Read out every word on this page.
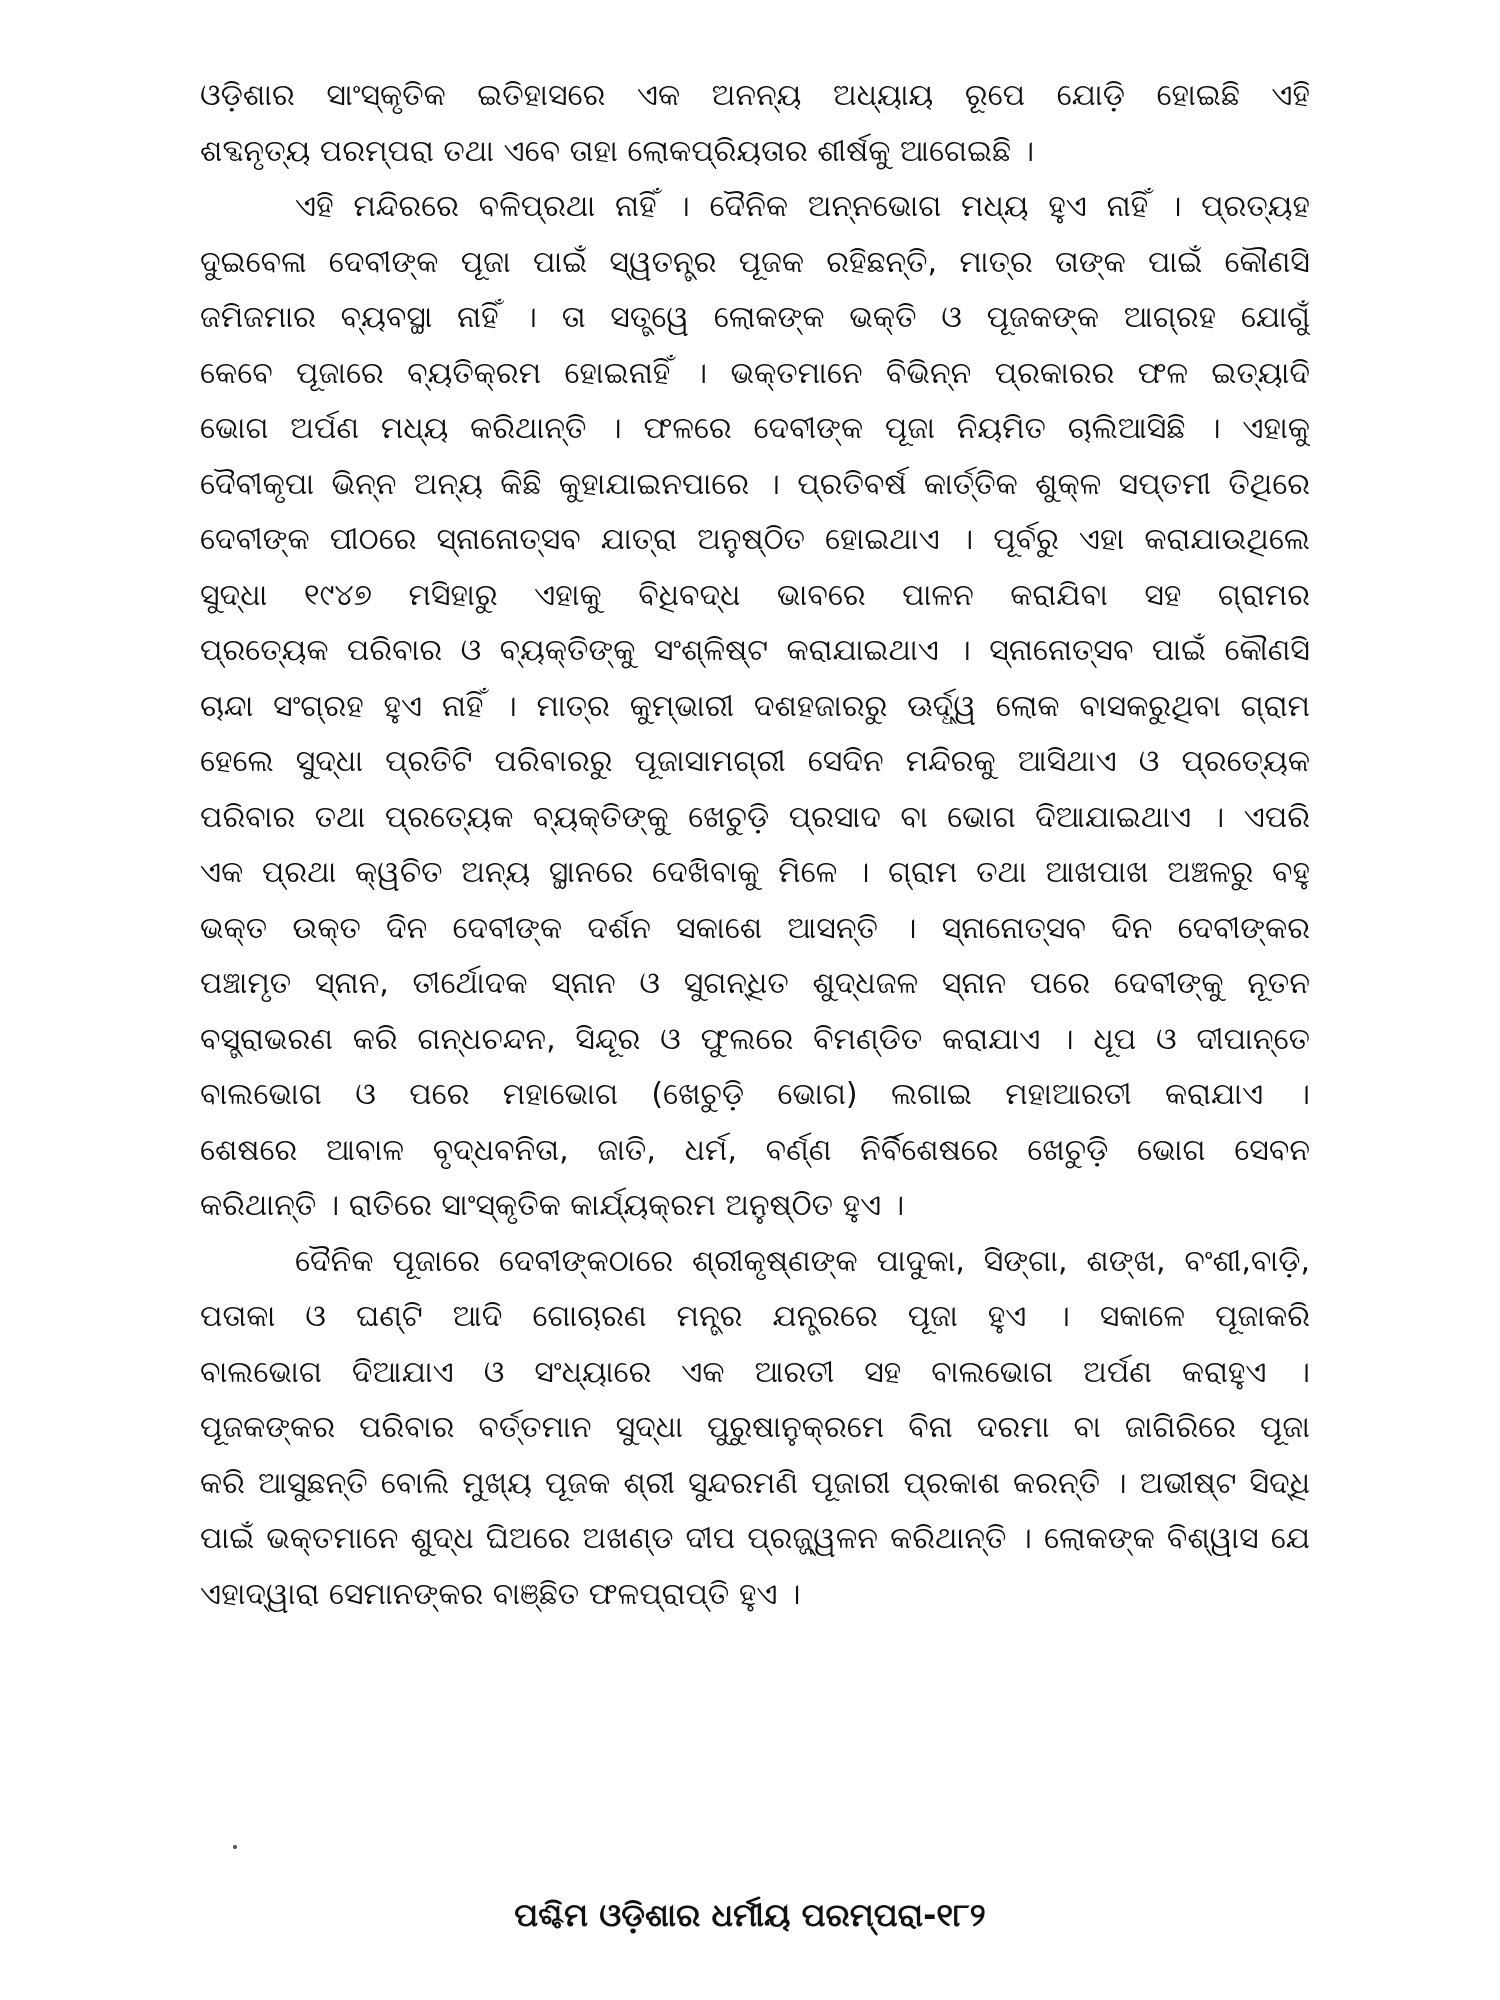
ଓଡ଼ିଶାର ସାଂସ୍କୃତିକ ଇତିହାସରେ ଏକ ଅନନ୍ୟ ଅଧ୍ୟାୟ ରୂପେ ଯୋଡ଼ି ହୋଇଛି ଏହି
ଶବ୍ଦନୃତ୍ୟ ପରମ୍ପରା ତଥା ଏବେ ତାହା ଲୋକପ୍ରିୟତାର ଶୀର୍ଷକୁ ଆଗେଇଛି ।
ଏହି ମନ୍ଦିରରେ ବଳିପ୍ରଥା ନାହିଁ । ଦୈନିକ ଅନ୍ନଭୋଗ ମଧ୍ୟ ହୁଏ ନାହିଁ । ପ୍ରତ୍ୟହ
ଦୁଇବେଳା ଦେବୀଙ୍କ ପୂଜା ପାଇଁ ସ୍ୱତନ୍ତ୍ର ପୂଜକ ରହିଛନ୍ତି, ମାତ୍ର ତାଙ୍କ ପାଇଁ କୌଣସି
ଜମିଜମାର ବ୍ୟବସ୍ଥା ନାହିଁ । ତା ସତ୍ତ୍ୱେ ଲୋକଙ୍କ ଭକ୍ତି ଓ ପୂଜକଙ୍କ ଆଗ୍ରହ ଯୋଗୁଁ
କେବେ ପୂଜାରେ ବ୍ୟତିକ୍ରମ ହୋଇନାହିଁ । ଭକ୍ତମାନେ ବିଭିନ୍ନ ପ୍ରକାରର ଫଳ ଇତ୍ୟାଦି
ଭୋଗ ଅର୍ପଣ ମଧ୍ୟ କରିଥାନ୍ତି । ଫଳରେ ଦେବୀଙ୍କ ପୂଜା ନିୟମିତ ଚାଲିଆସିଛି । ଏହାକୁ
ଦୈବୀକୃପା ଭିନ୍ନ ଅନ୍ୟ କିଛି କୁହାଯାଇନପାରେ । ପ୍ରତିବର୍ଷ କାର୍ତ୍ତିକ ଶୁକ୍ଳ ସପ୍ତମୀ ତିଥିରେ
ଦେବୀଙ୍କ ପୀଠରେ ସ୍ନାନୋତ୍ସବ ଯାତ୍ରା ଅନୁଷ୍ଠିତ ହୋଇଥାଏ । ପୂର୍ବରୁ ଏହା କରାଯାଉଥିଲେ
ସୁଦ୍ଧା ୧୯୪୭ ମସିହାରୁ ଏହାକୁ ବିଧିବଦ୍ଧ ଭାବରେ ପାଳନ କରାଯିବା ସହ ଗ୍ରାମର
ପ୍ରତ୍ୟେକ ପରିବାର ଓ ବ୍ୟକ୍ତିଙ୍କୁ ସଂଶ୍ଳିଷ୍ଟ କରାଯାଇଥାଏ । ସ୍ନାନୋତ୍ସବ ପାଇଁ କୌଣସି
ଚାନ୍ଦା ସଂଗ୍ରହ ହୁଏ ନାହିଁ । ମାତ୍ର କୁମ୍ଭାରୀ ଦଶହଜାରରୁ ଊର୍ଦ୍ଧ୍ୱ ଲୋକ ବାସକରୁଥିବା ଗ୍ରାମ
ହେଲେ ସୁଦ୍ଧା ପ୍ରତିଟି ପରିବାରରୁ ପୂଜାସାମଗ୍ରୀ ସେଦିନ ମନ୍ଦିରକୁ ଆସିଥାଏ ଓ ପ୍ରତ୍ୟେକ
ପରିବାର ତଥା ପ୍ରତ୍ୟେକ ବ୍ୟକ୍ତିଙ୍କୁ ଖେଚୁଡ଼ି ପ୍ରସାଦ ବା ଭୋଗ ଦିଆଯାଇଥାଏ । ଏପରି
ଏକ ପ୍ରଥା କ୍ୱଚିତ ଅନ୍ୟ ସ୍ଥାନରେ ଦେଖିବାକୁ ମିଳେ । ଗ୍ରାମ ତଥା ଆଖପାଖ ଅଞ୍ଚଳରୁ ବହୁ
ଭକ୍ତ ଉକ୍ତ ଦିନ ଦେବୀଙ୍କ ଦର୍ଶନ ସକାଶେ ଆସନ୍ତି । ସ୍ନାନୋତ୍ସବ ଦିନ ଦେବୀଙ୍କର
ପଞ୍ଚାମୃତ ସ୍ନାନ, ତୀର୍ଥୋଦକ ସ୍ନାନ ଓ ସୁଗନ୍ଧିତ ଶୁଦ୍ଧଜଳ ସ୍ନାନ ପରେ ଦେବୀଙ୍କୁ ନୂତନ
ବସ୍ତ୍ରାଭରଣ କରି ଗନ୍ଧଚନ୍ଦନ, ସିନ୍ଦୂର ଓ ଫୁଲରେ ବିମଣ୍ଡିତ କରାଯାଏ । ଧୂପ ଓ ଦୀପାନ୍ତେ
ବାଲଭୋଗ ଓ ପରେ ମହାଭୋଗ (ଖେଚୁଡ଼ି ଭୋଗ) ଲଗାଇ ମହାଆରତୀ କରାଯାଏ ।
ଶେଷରେ ଆବାଳ ବୃଦ୍ଧବନିତା, ଜାତି, ଧର୍ମ, ବର୍ଣ୍ଣ ନିର୍ବିଶେଷରେ ଖେଚୁଡ଼ି ଭୋଗ ସେବନ
କରିଥାନ୍ତି । ରାତିରେ ସାଂସ୍କୃତିକ କାର୍ଯ୍ୟକ୍ରମ ଅନୁଷ୍ଠିତ ହୁଏ ।
ଦୈନିକ ପୂଜାରେ ଦେବୀଙ୍କଠାରେ ଶ୍ରୀକୃଷ୍ଣଙ୍କ ପାଦୁକା, ସିଙ୍ଗା, ଶଙ୍ଖ, ବଂଶୀ,ବାଡ଼ି,
ପତାକା ଓ ଘଣ୍ଟି ଆଦି ଗୋଚାରଣ ମନ୍ତ୍ର ଯନ୍ତ୍ରରେ ପୂଜା ହୁଏ । ସକାଳେ ପୂଜାକରି
ବାଲଭୋଗ ଦିଆଯାଏ ଓ ସଂଧ୍ୟାରେ ଏକ ଆରତୀ ସହ ବାଲଭୋଗ ଅର୍ପଣ କରାହୁଏ ।
ପୂଜକଙ୍କର ପରିବାର ବର୍ତ୍ତମାନ ସୁଦ୍ଧା ପୁରୁଷାନୁକ୍ରମେ ବିନା ଦରମା ବା ଜାଗିରିରେ ପୂଜା
କରି ଆସୁଛନ୍ତି ବୋଲି ମୁଖ୍ୟ ପୂଜକ ଶ୍ରୀ ସୁନ୍ଦରମଣି ପୂଜାରୀ ପ୍ରକାଶ କରନ୍ତି । ଅଭୀଷ୍ଟ ସିଦ୍ଧି
ପାଇଁ ଭକ୍ତମାନେ ଶୁଦ୍ଧ ଘିଅରେ ଅଖଣ୍ଡ ଦୀପ ପ୍ରଜ୍ଜ୍ୱଳନ କରିଥାନ୍ତି । ଲୋକଙ୍କ ବିଶ୍ୱାସ ଯେ
ଏହାଦ୍ୱାରା ସେମାନଙ୍କର ବାଞ୍ଛିତ ଫଳପ୍ରାପ୍ତି ହୁଏ ।
ପଶ୍ଚିମ ଓଡ଼ିଶାର ଧର୍ମୀୟ ପରମ୍ପରା-୧୮୨
